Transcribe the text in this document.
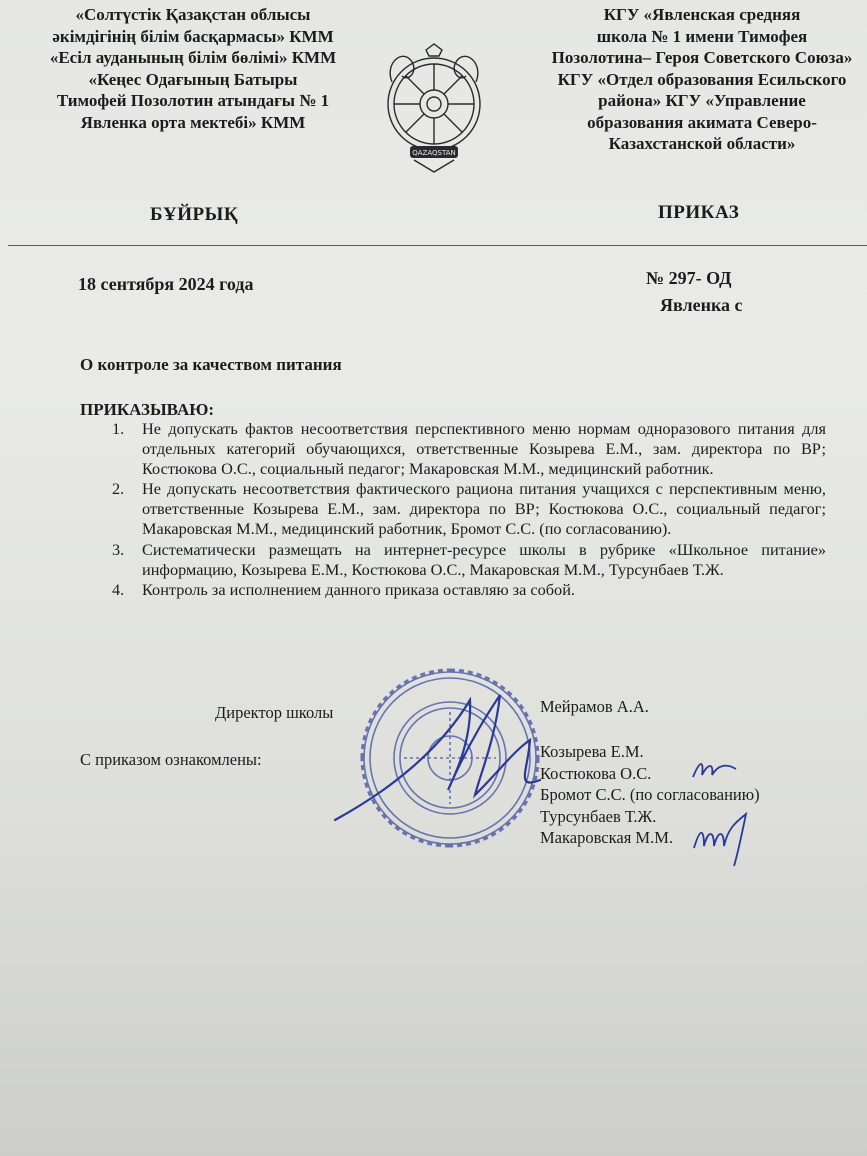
«Солтүстік Қазақстан облысы
әкімдігінің білім басқармасы» КММ
«Есіл ауданының білім бөлімі» КММ
«Кеңес Одағының Батыры
Тимофей Позолотин атындағы № 1
Явленка орта мектебі» КММ
QAZAQSTAN
КГУ «Явленская средняя
школа № 1 имени Тимофея
Позолотина– Героя Советского Союза»
КГУ «Отдел образования Есильского
района» КГУ «Управление
образования акимата Северо-
Казахстанской области»
БҰЙРЫҚ	ПРИКАЗ
18 сентября 2024 года	№ 297- ОД
Явленка с
О контроле за качеством питания
ПРИКАЗЫВАЮ:
1. Не допускать фактов несоответствия перспективного меню нормам одноразового питания для отдельных категорий обучающихся, ответственные Козырева Е.М., зам. директора по ВР; Костюкова О.С., социальный педагог; Макаровская М.М., медицинский работник.
2. Не допускать несоответствия фактического рациона питания учащихся с перспективным меню, ответственные Козырева Е.М., зам. директора по ВР; Костюкова О.С., социальный педагог; Макаровская М.М., медицинский работник, Бромот С.С. (по согласованию).
3. Систематически размещать на интернет-ресурсе школы в рубрике «Школьное питание» информацию, Козырева Е.М., Костюкова О.С., Макаровская М.М., Турсунбаев Т.Ж.
4. Контроль за исполнением данного приказа оставляю за собой.
Директор школы	Мейрамов А.А.
С приказом ознакомлены:	Козырева Е.М.
Костюкова О.С.
Бромот С.С. (по согласованию)
Турсунбаев Т.Ж.
Макаровская М.М.
